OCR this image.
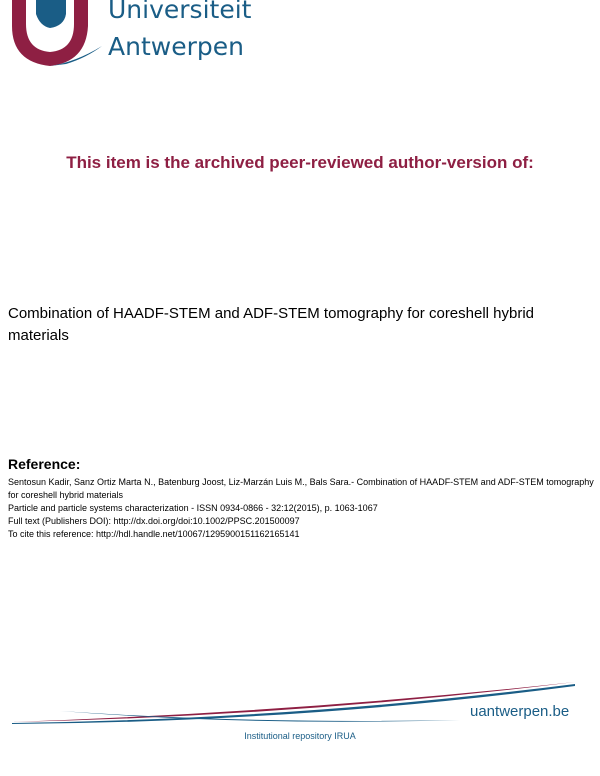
Universiteit
Antwerpen
This item is the archived peer-reviewed author-version of:
Combination of HAADF-STEM and ADF-STEM tomography for coreshell hybrid materials
Reference:
Sentosun Kadir, Sanz Ortiz Marta N., Batenburg Joost, Liz-Marzán Luis M., Bals Sara.- Combination of HAADF-STEM and ADF-STEM tomography for coreshell hybrid materials
Particle and particle systems characterization - ISSN 0934-0866 - 32:12(2015), p. 1063-1067
Full text (Publishers DOI): http://dx.doi.org/doi:10.1002/PPSC.201500097
To cite this reference: http://hdl.handle.net/10067/1295900151162165141
uantwerpen.be
Institutional repository IRUA
